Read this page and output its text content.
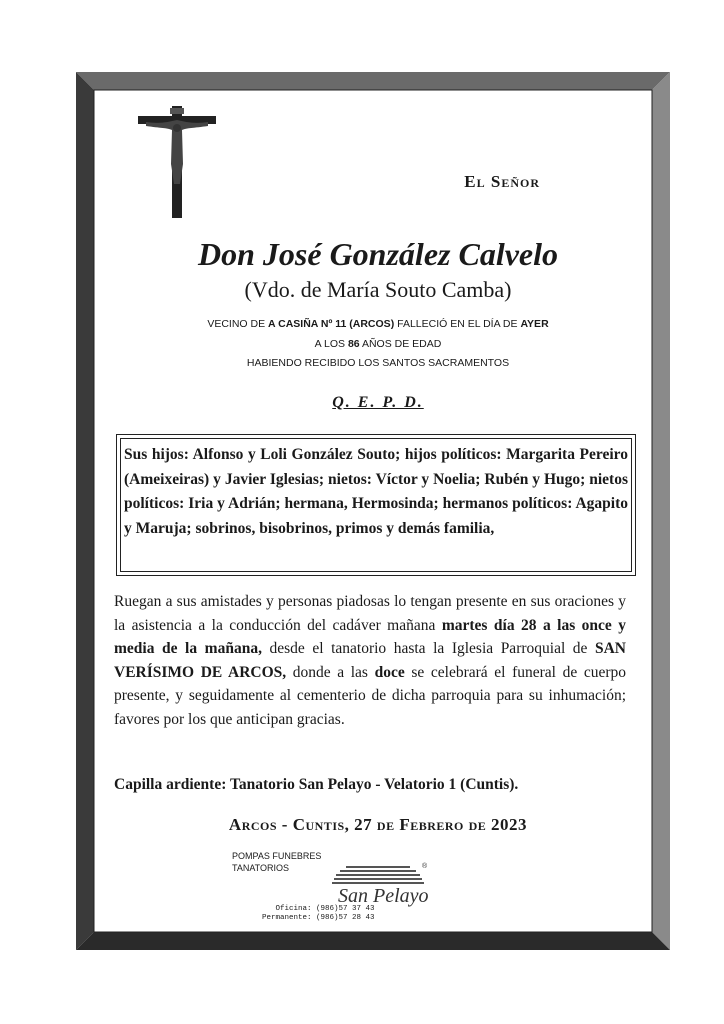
El Señor
Don José González Calvelo
(Vdo. de María Souto Camba)
VECINO DE A CASIÑA Nº 11 (ARCOS) FALLECIÓ EN EL DÍA DE AYER
A LOS 86 AÑOS DE EDAD
HABIENDO RECIBIDO LOS SANTOS SACRAMENTOS
Q. E. P. D.

Sus hijos: Alfonso y Loli González Souto; hijos políticos: Margarita Pereiro (Ameixeiras) y Javier Iglesias; nietos: Víctor y Noelia; Rubén y Hugo; nietos políticos: Iria y Adrián; hermana, Hermosinda; hermanos políticos: Agapito y Maruja; sobrinos, bisobrinos, primos y demás familia,

Ruegan a sus amistades y personas piadosas lo tengan presente en sus oraciones y la asistencia a la conducción del cadáver mañana martes día 28 a las once y media de la mañana, desde el tanatorio hasta la Iglesia Parroquial de SAN VERÍSIMO DE ARCOS, donde a las doce se celebrará el funeral de cuerpo presente, y seguidamente al cementerio de dicha parroquia para su inhumación; favores por los que anticipan gracias.

Capilla ardiente: Tanatorio San Pelayo - Velatorio 1 (Cuntis).
Arcos - Cuntis, 27 de Febrero de 2023
POMPAS FUNEBRES
TANATORIOS	®
San Pelayo
Oficina: (986)57 37 43
Permanente: (986)57 28 43
